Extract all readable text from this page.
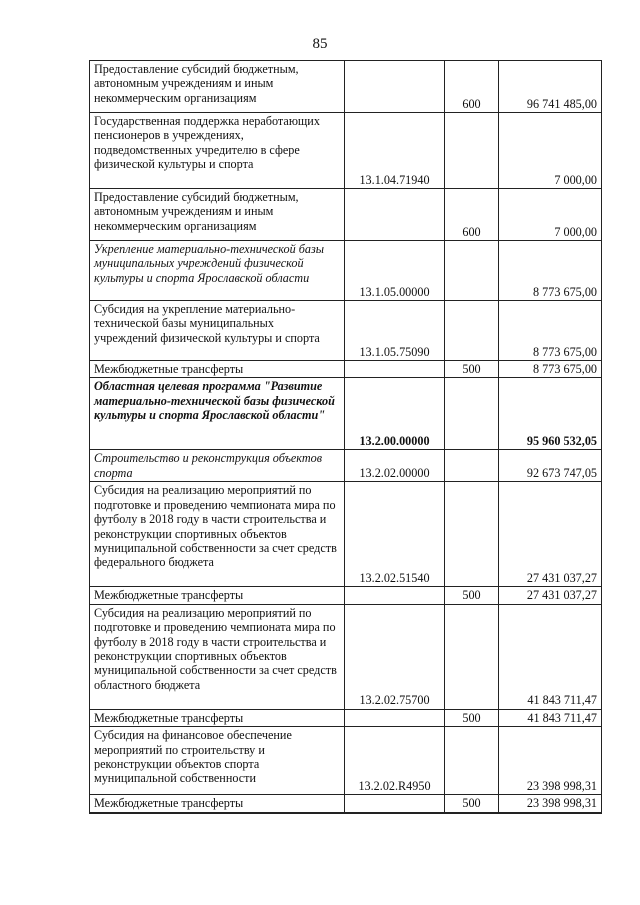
85
Предоставление субсидий бюджетным, автономным учреждениям и иным некоммерческим организациям		600	96 741 485,00
Государственная поддержка неработающих пенсионеров в учреждениях, подведомственных учредителю в сфере физической культуры и спорта	13.1.04.71940		7 000,00
Предоставление субсидий бюджетным, автономным учреждениям и иным некоммерческим организациям		600	7 000,00
Укрепление материально-технической базы муниципальных учреждений физической культуры и спорта Ярославской области	13.1.05.00000		8 773 675,00
Субсидия на укрепление материально-технической базы муниципальных учреждений физической культуры и спорта	13.1.05.75090		8 773 675,00
Межбюджетные трансферты		500	8 773 675,00
Областная целевая программа "Развитие материально-технической базы физической культуры и спорта Ярославской области"	13.2.00.00000		95 960 532,05
Строительство и реконструкция объектов спорта	13.2.02.00000		92 673 747,05
Субсидия на реализацию мероприятий по подготовке и проведению чемпионата мира по футболу в 2018 году в части строительства и реконструкции спортивных объектов муниципальной собственности за счет средств федерального бюджета	13.2.02.51540		27 431 037,27
Межбюджетные трансферты		500	27 431 037,27
Субсидия на реализацию мероприятий по подготовке и проведению чемпионата мира по футболу в 2018 году в части строительства и реконструкции спортивных объектов муниципальной собственности за счет средств областного бюджета	13.2.02.75700		41 843 711,47
Межбюджетные трансферты		500	41 843 711,47
Субсидия на финансовое обеспечение мероприятий по строительству и реконструкции объектов спорта муниципальной собственности	13.2.02.R4950		23 398 998,31
Межбюджетные трансферты		500	23 398 998,31
